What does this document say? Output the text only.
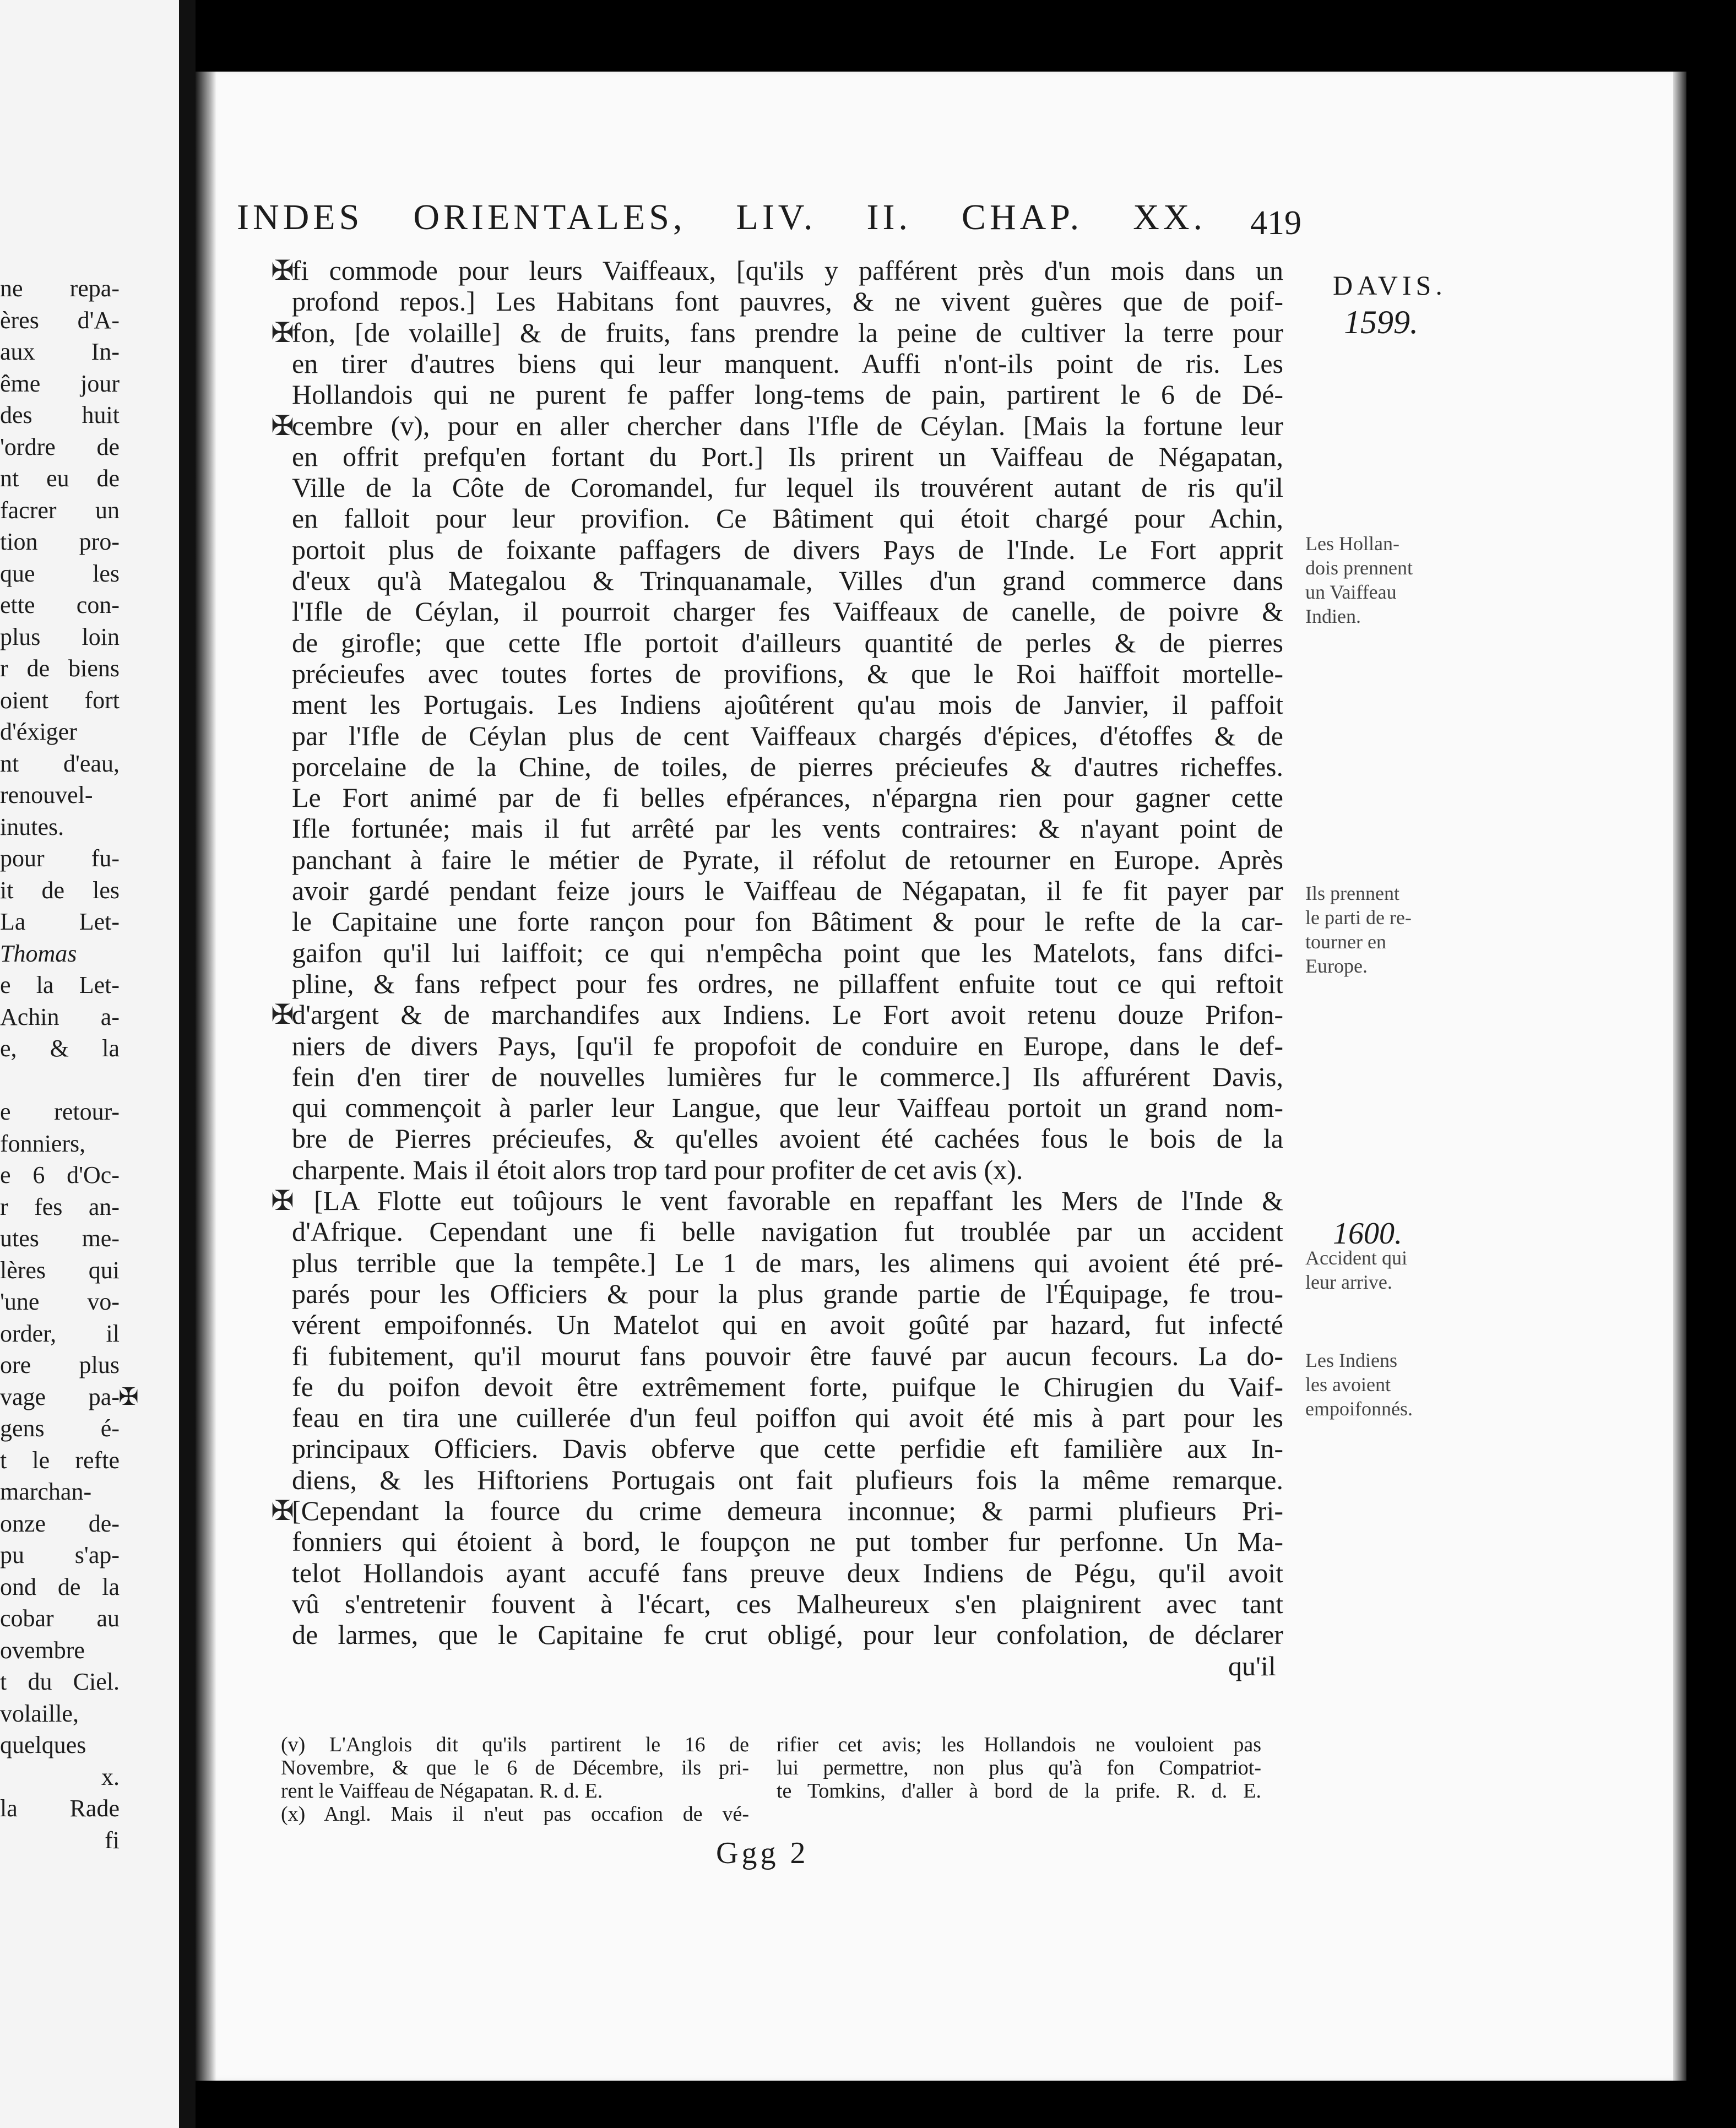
ne repa-
ères d'A-
aux In-
ême jour
des huit
'ordre de
nt eu de
facrer un
tion pro-
que les
ette con-
plus loin
r de biens
oient fort
d'éxiger
nt d'eau,
renouvel-
inutes.
pour fu-
it de les
La Let-
Thomas
e la Let-
Achin a-
e, & la
e retour-
fonniers,
e 6 d'Oc-
r fes an-
utes me-
lères qui
'une vo-
order, il
ore plus
vage pa-
gens é-
t le refte
marchan-
onze de-
pu s'ap-
ond de la
cobar au
ovembre
t du Ciel.
volaille,
quelques
x.
la Rade
fi
✠
INDES ORIENTALES, LIV. II. CHAP. XX. 419
fi commode pour leurs Vaiffeaux, [qu'ils y pafférent près d'un mois dans un
profond repos.] Les Habitans font pauvres, & ne vivent guères que de poif-
fon, [de volaille] & de fruits, fans prendre la peine de cultiver la terre pour
en tirer d'autres biens qui leur manquent. Auffi n'ont-ils point de ris. Les
Hollandois qui ne purent fe paffer long-tems de pain, partirent le 6 de Dé-
cembre (v), pour en aller chercher dans l'Ifle de Céylan. [Mais la fortune leur
en offrit prefqu'en fortant du Port.] Ils prirent un Vaiffeau de Négapatan,
Ville de la Côte de Coromandel, fur lequel ils trouvérent autant de ris qu'il
en falloit pour leur provifion. Ce Bâtiment qui étoit chargé pour Achin,
portoit plus de foixante paffagers de divers Pays de l'Inde. Le Fort apprit
d'eux qu'à Mategalou & Trinquanamale, Villes d'un grand commerce dans
l'Ifle de Céylan, il pourroit charger fes Vaiffeaux de canelle, de poivre &
de girofle; que cette Ifle portoit d'ailleurs quantité de perles & de pierres
précieufes avec toutes fortes de provifions, & que le Roi haïffoit mortelle-
ment les Portugais. Les Indiens ajoûtérent qu'au mois de Janvier, il paffoit
par l'Ifle de Céylan plus de cent Vaiffeaux chargés d'épices, d'étoffes & de
porcelaine de la Chine, de toiles, de pierres précieufes & d'autres richeffes.
Le Fort animé par de fi belles efpérances, n'épargna rien pour gagner cette
Ifle fortunée; mais il fut arrêté par les vents contraires: & n'ayant point de
panchant à faire le métier de Pyrate, il réfolut de retourner en Europe. Après
avoir gardé pendant feize jours le Vaiffeau de Négapatan, il fe fit payer par
le Capitaine une forte rançon pour fon Bâtiment & pour le refte de la car-
gaifon qu'il lui laiffoit; ce qui n'empêcha point que les Matelots, fans difci-
pline, & fans refpect pour fes ordres, ne pillaffent enfuite tout ce qui reftoit
d'argent & de marchandifes aux Indiens. Le Fort avoit retenu douze Prifon-
niers de divers Pays, [qu'il fe propofoit de conduire en Europe, dans le def-
fein d'en tirer de nouvelles lumières fur le commerce.] Ils affurérent Davis,
qui commençoit à parler leur Langue, que leur Vaiffeau portoit un grand nom-
bre de Pierres précieufes, & qu'elles avoient été cachées fous le bois de la
charpente. Mais il étoit alors trop tard pour profiter de cet avis (x).
[LA Flotte eut toûjours le vent favorable en repaffant les Mers de l'Inde &
d'Afrique. Cependant une fi belle navigation fut troublée par un accident
plus terrible que la tempête.] Le 1 de mars, les alimens qui avoient été pré-
parés pour les Officiers & pour la plus grande partie de l'Équipage, fe trou-
vérent empoifonnés. Un Matelot qui en avoit goûté par hazard, fut infecté
fi fubitement, qu'il mourut fans pouvoir être fauvé par aucun fecours. La do-
fe du poifon devoit être extrêmement forte, puifque le Chirugien du Vaif-
feau en tira une cuillerée d'un feul poiffon qui avoit été mis à part pour les
principaux Officiers. Davis obferve que cette perfidie eft familière aux In-
diens, & les Hiftoriens Portugais ont fait plufieurs fois la même remarque.
[Cependant la fource du crime demeura inconnue; & parmi plufieurs Pri-
fonniers qui étoient à bord, le foupçon ne put tomber fur perfonne. Un Ma-
telot Hollandois ayant accufé fans preuve deux Indiens de Pégu, qu'il avoit
vû s'entretenir fouvent à l'écart, ces Malheureux s'en plaignirent avec tant
de larmes, que le Capitaine fe crut obligé, pour leur confolation, de déclarer
qu'il
✠
✠
✠
✠
✠
✠
DAVIS.
1599.
1600.
Les Hollan-
dois prennent
un Vaiffeau
Indien.
Ils prennent
le parti de re-
tourner en
Europe.
Accident qui
leur arrive.
Les Indiens
les avoient
empoifonnés.
(v) L'Anglois dit qu'ils partirent le 16 de
Novembre, & que le 6 de Décembre, ils pri-
rent le Vaiffeau de Négapatan. R. d. E.
(x) Angl. Mais il n'eut pas occafion de vé-
rifier cet avis; les Hollandois ne vouloient pas
lui permettre, non plus qu'à fon Compatriot-
te Tomkins, d'aller à bord de la prife. R. d. E.
Ggg 2
